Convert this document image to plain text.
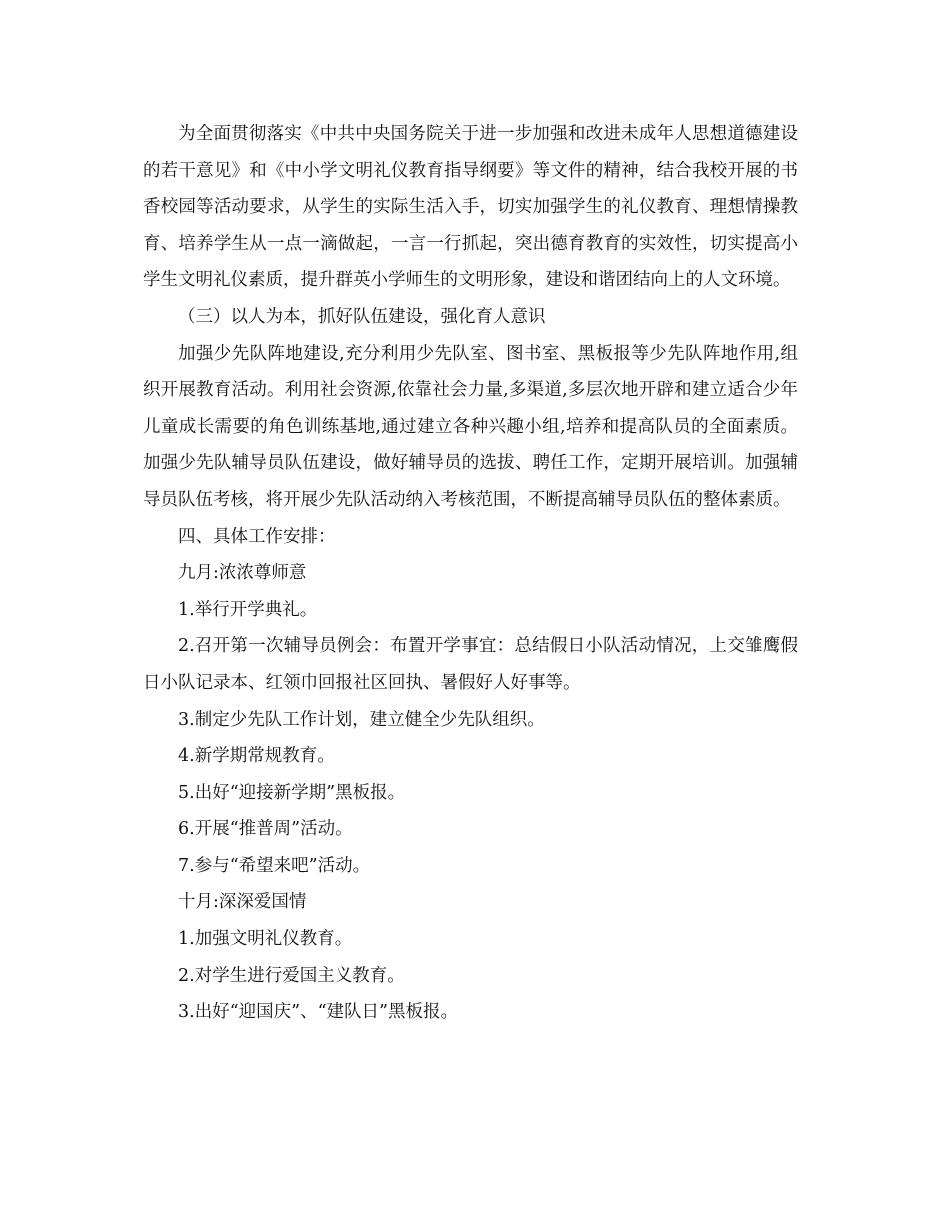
为全面贯彻落实《中共中央国务院关于进一步加强和改进未成年人思想道德建设的若干意见》和《中小学文明礼仪教育指导纲要》等文件的精神，结合我校开展的书香校园等活动要求，从学生的实际生活入手，切实加强学生的礼仪教育、理想情操教育、培养学生从一点一滴做起，一言一行抓起，突出德育教育的实效性，切实提高小学生文明礼仪素质，提升群英小学师生的文明形象，建设和谐团结向上的人文环境。

（三）以人为本，抓好队伍建设，强化育人意识

加强少先队阵地建设,充分利用少先队室、图书室、黑板报等少先队阵地作用,组织开展教育活动。利用社会资源,依靠社会力量,多渠道,多层次地开辟和建立适合少年儿童成长需要的角色训练基地,通过建立各种兴趣小组,培养和提高队员的全面素质。加强少先队辅导员队伍建设，做好辅导员的选拔、聘任工作，定期开展培训。加强辅导员队伍考核，将开展少先队活动纳入考核范围，不断提高辅导员队伍的整体素质。

四、具体工作安排：

九月:浓浓尊师意

1.举行开学典礼。

2.召开第一次辅导员例会：布置开学事宜：总结假日小队活动情况，上交雏鹰假日小队记录本、红领巾回报社区回执、暑假好人好事等。

3.制定少先队工作计划，建立健全少先队组织。

4.新学期常规教育。

5.出好“迎接新学期”黑板报。

6.开展“推普周”活动。

7.参与“希望来吧”活动。

十月:深深爱国情

1.加强文明礼仪教育。

2.对学生进行爱国主义教育。

3.出好“迎国庆”、“建队日”黑板报。
